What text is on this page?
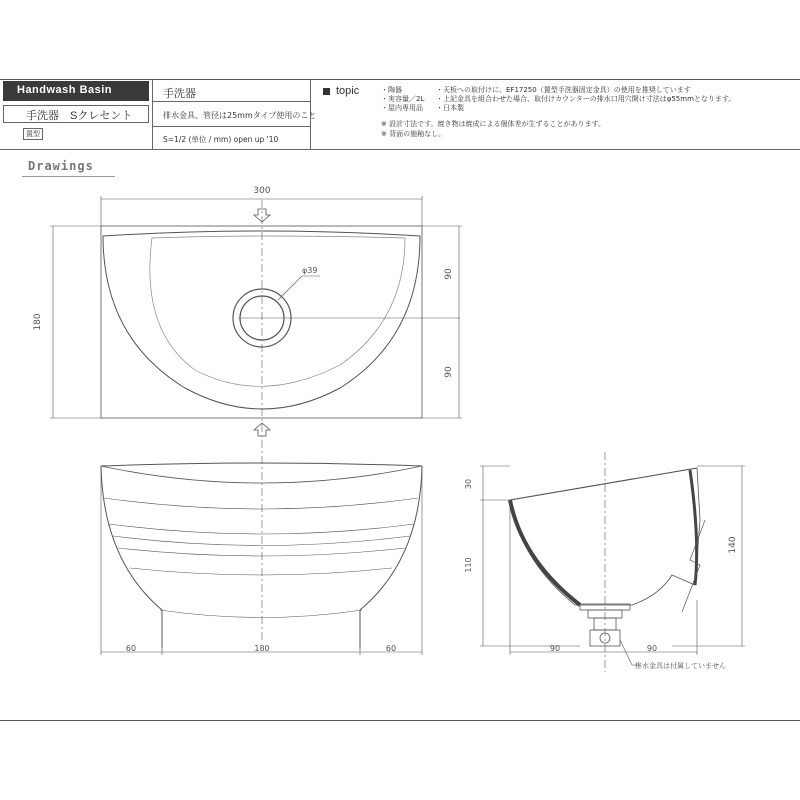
Handwash Basin
手洗器　Sクレセント
置型
手洗器
排水金具、管径は25mmタイプ使用のこと
S=1/2 (単位 / mm) open up '10
topic	・陶器	・天板への取付けに、EF17250（置型手洗器固定金具）の使用を推奨しています
・実容量／2L ・上記金具を組合わせた場合、取付けカウンターの排水口用穴開け寸法はφ55mmとなります。
・屋内専用品 ・日本製
※ 設計寸法です。焼き物は焼成による個体差が生ずることがあります。
※ 背面の施釉なし。
Drawings
300
180
90
90
φ39
60	180	60
30
110
140
90	90
排水金具は付属していません
